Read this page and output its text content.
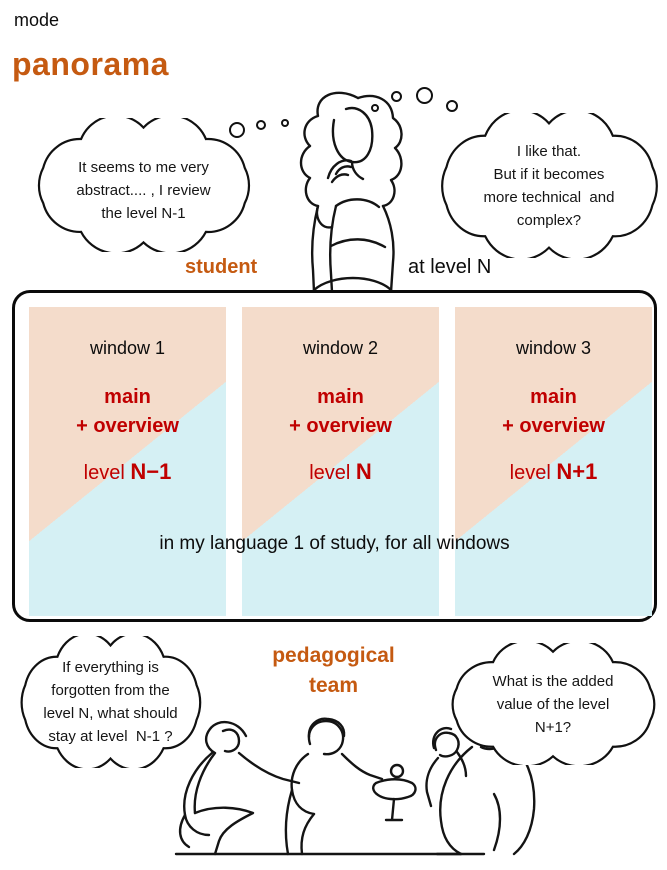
mode
panorama
It seems to me very
abstract.... , I review
the level N-1
I like that.
But if it becomes
more technical  and
complex?
student	at level N
window 1
main
+ overview
level N−1
window 2
main
+ overview
level N
window 3
main
+ overview
level N+1
in my language 1 of study, for all windows
pedagogical
team
If everything is
forgotten from the
level N, what should
stay at level  N-1 ?
What is the added
value of the level
N+1?
